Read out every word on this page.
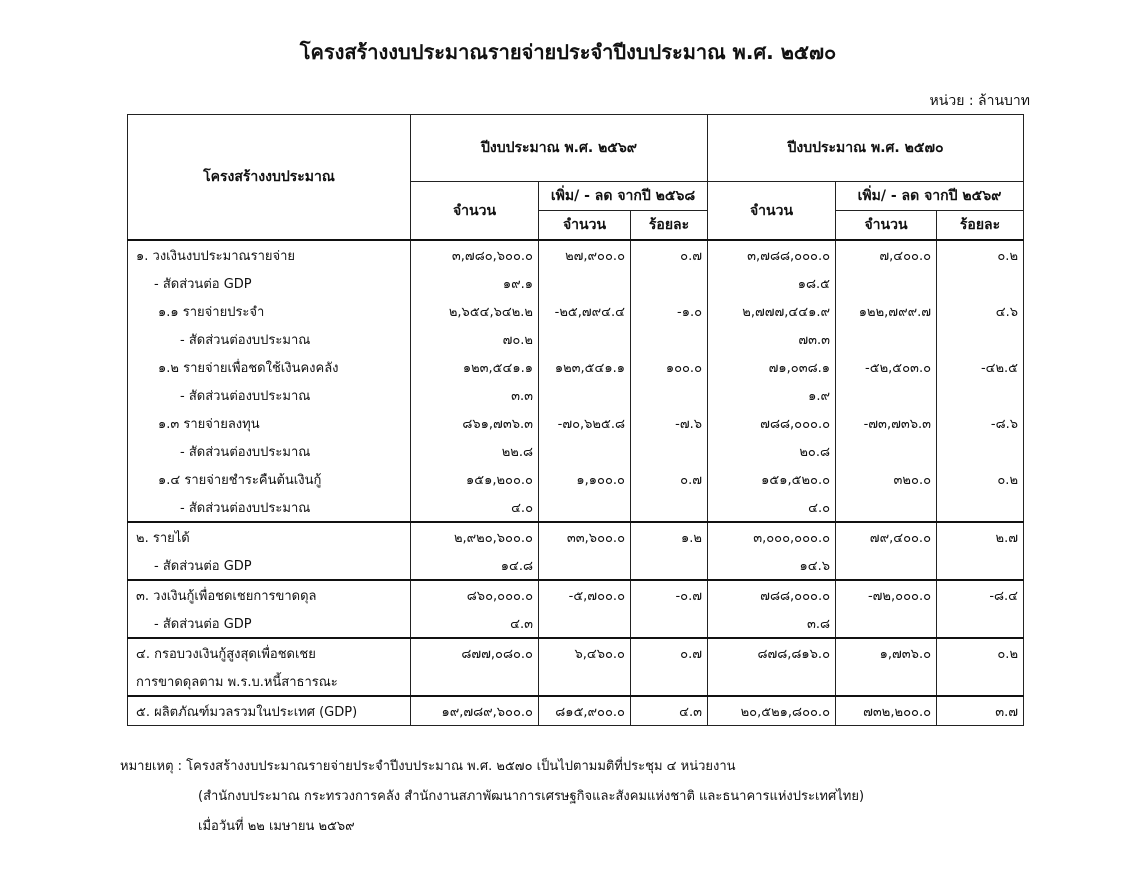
โครงสร้างงบประมาณรายจ่ายประจำปีงบประมาณ พ.ศ. ๒๕๗๐
หน่วย : ล้านบาท
โครงสร้างงบประมาณ	ปีงบประมาณ พ.ศ. ๒๕๖๙			ปีงบประมาณ พ.ศ. ๒๕๗๐		
	จำนวน	เพิ่ม/ - ลด จากปี ๒๕๖๘		จำนวน	เพิ่ม/ - ลด จากปี ๒๕๖๙	
		จำนวน	ร้อยละ		จำนวน	ร้อยละ
๑. วงเงินงบประมาณรายจ่าย	๓,๗๘๐,๖๐๐.๐	๒๗,๙๐๐.๐	๐.๗	๓,๗๘๘,๐๐๐.๐	๗,๔๐๐.๐	๐.๒
- สัดส่วนต่อ GDP	๑๙.๑			๑๘.๕		
๑.๑ รายจ่ายประจำ	๒,๖๕๔,๖๔๒.๒	-๒๕,๗๙๔.๔	-๑.๐	๒,๗๗๗,๔๔๑.๙	๑๒๒,๗๙๙.๗	๔.๖
- สัดส่วนต่องบประมาณ	๗๐.๒			๗๓.๓		
๑.๒ รายจ่ายเพื่อชดใช้เงินคงคลัง	๑๒๓,๕๔๑.๑	๑๒๓,๕๔๑.๑	๑๐๐.๐	๗๑,๐๓๘.๑	-๕๒,๕๐๓.๐	-๔๒.๕
- สัดส่วนต่องบประมาณ	๓.๓			๑.๙		
๑.๓ รายจ่ายลงทุน	๘๖๑,๗๓๖.๓	-๗๐,๖๒๕.๘	-๗.๖	๗๘๘,๐๐๐.๐	-๗๓,๗๓๖.๓	-๘.๖
- สัดส่วนต่องบประมาณ	๒๒.๘			๒๐.๘		
๑.๔ รายจ่ายชำระคืนต้นเงินกู้	๑๕๑,๒๐๐.๐	๑,๑๐๐.๐	๐.๗	๑๕๑,๕๒๐.๐	๓๒๐.๐	๐.๒
- สัดส่วนต่องบประมาณ	๔.๐			๔.๐		
๒. รายได้	๒,๙๒๐,๖๐๐.๐	๓๓,๖๐๐.๐	๑.๒	๓,๐๐๐,๐๐๐.๐	๗๙,๔๐๐.๐	๒.๗
- สัดส่วนต่อ GDP	๑๔.๘			๑๔.๖		
๓. วงเงินกู้เพื่อชดเชยการขาดดุล	๘๖๐,๐๐๐.๐	-๕,๗๐๐.๐	-๐.๗	๗๘๘,๐๐๐.๐	-๗๒,๐๐๐.๐	-๘.๔
- สัดส่วนต่อ GDP	๔.๓			๓.๘		
๔. กรอบวงเงินกู้สูงสุดเพื่อชดเชย	๘๗๗,๐๘๐.๐	๖,๔๖๐.๐	๐.๗	๘๗๘,๘๑๖.๐	๑,๗๓๖.๐	๐.๒
การขาดดุลตาม พ.ร.บ.หนี้สาธารณะ						
๕. ผลิตภัณฑ์มวลรวมในประเทศ (GDP)	๑๙,๗๘๙,๖๐๐.๐	๘๑๕,๙๐๐.๐	๔.๓	๒๐,๕๒๑,๘๐๐.๐	๗๓๒,๒๐๐.๐	๓.๗
หมายเหตุ : โครงสร้างงบประมาณรายจ่ายประจำปีงบประมาณ พ.ศ. ๒๕๗๐ เป็นไปตามมติที่ประชุม ๔ หน่วยงาน
(สำนักงบประมาณ กระทรวงการคลัง สำนักงานสภาพัฒนาการเศรษฐกิจและสังคมแห่งชาติ และธนาคารแห่งประเทศไทย)
เมื่อวันที่ ๒๒ เมษายน ๒๕๖๙
